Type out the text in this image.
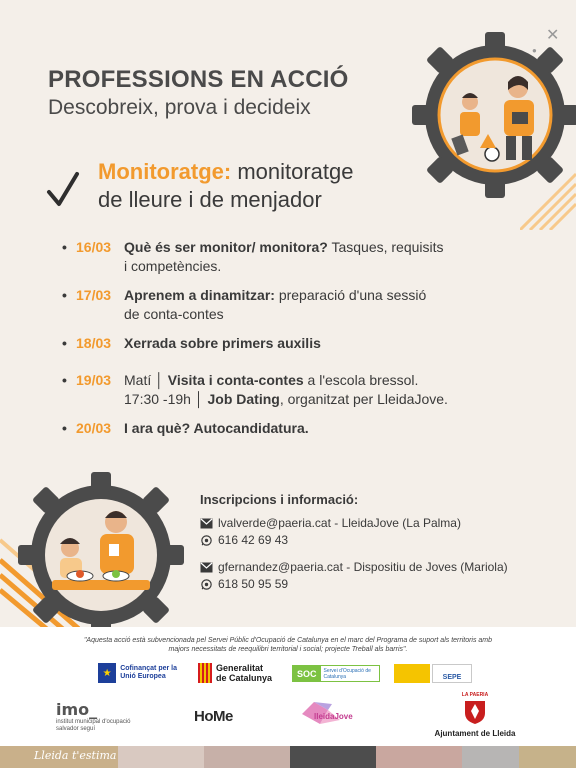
✕
●
PROFESSIONS EN ACCIÓ
Descobreix, prova i decideix
Monitoratge: monitoratge
de lleure i de menjador
• 16/03 Què és ser monitor/ monitora? Tasques, requisits
i competències.
• 17/03 Aprenem a dinamitzar: preparació d'una sessió
de conta-contes
• 18/03 Xerrada sobre primers auxilis
• 19/03 Matí │ Visita i conta-contes a l'escola bressol.
17:30 -19h │ Job Dating, organitzat per LleidaJove.
• 20/03 I ara què? Autocandidatura.
Inscripcions i informació:
lvalverde@paeria.cat - LleidaJove (La Palma)
616 42 69 43
gfernandez@paeria.cat - Dispositiu de Joves (Mariola)
618 50 95 59
"Aquesta acció està subvencionada pel Servei Públic d'Ocupació de Catalunya en el marc del Programa de suport als territoris amb majors necessitats de reequilibri territorial i social; projecte Treball als barris".
★	Cofinançat per la Unió Europea
Generalitat
de Catalunya	SOC	Servei d'Ocupació de Catalunya	SEPE
imo_
institut municipal d'ocupació
salvador seguí
HoMe	lleidaJove
LA PAERIA
Ajuntament de Lleida
Lleida t'estima
